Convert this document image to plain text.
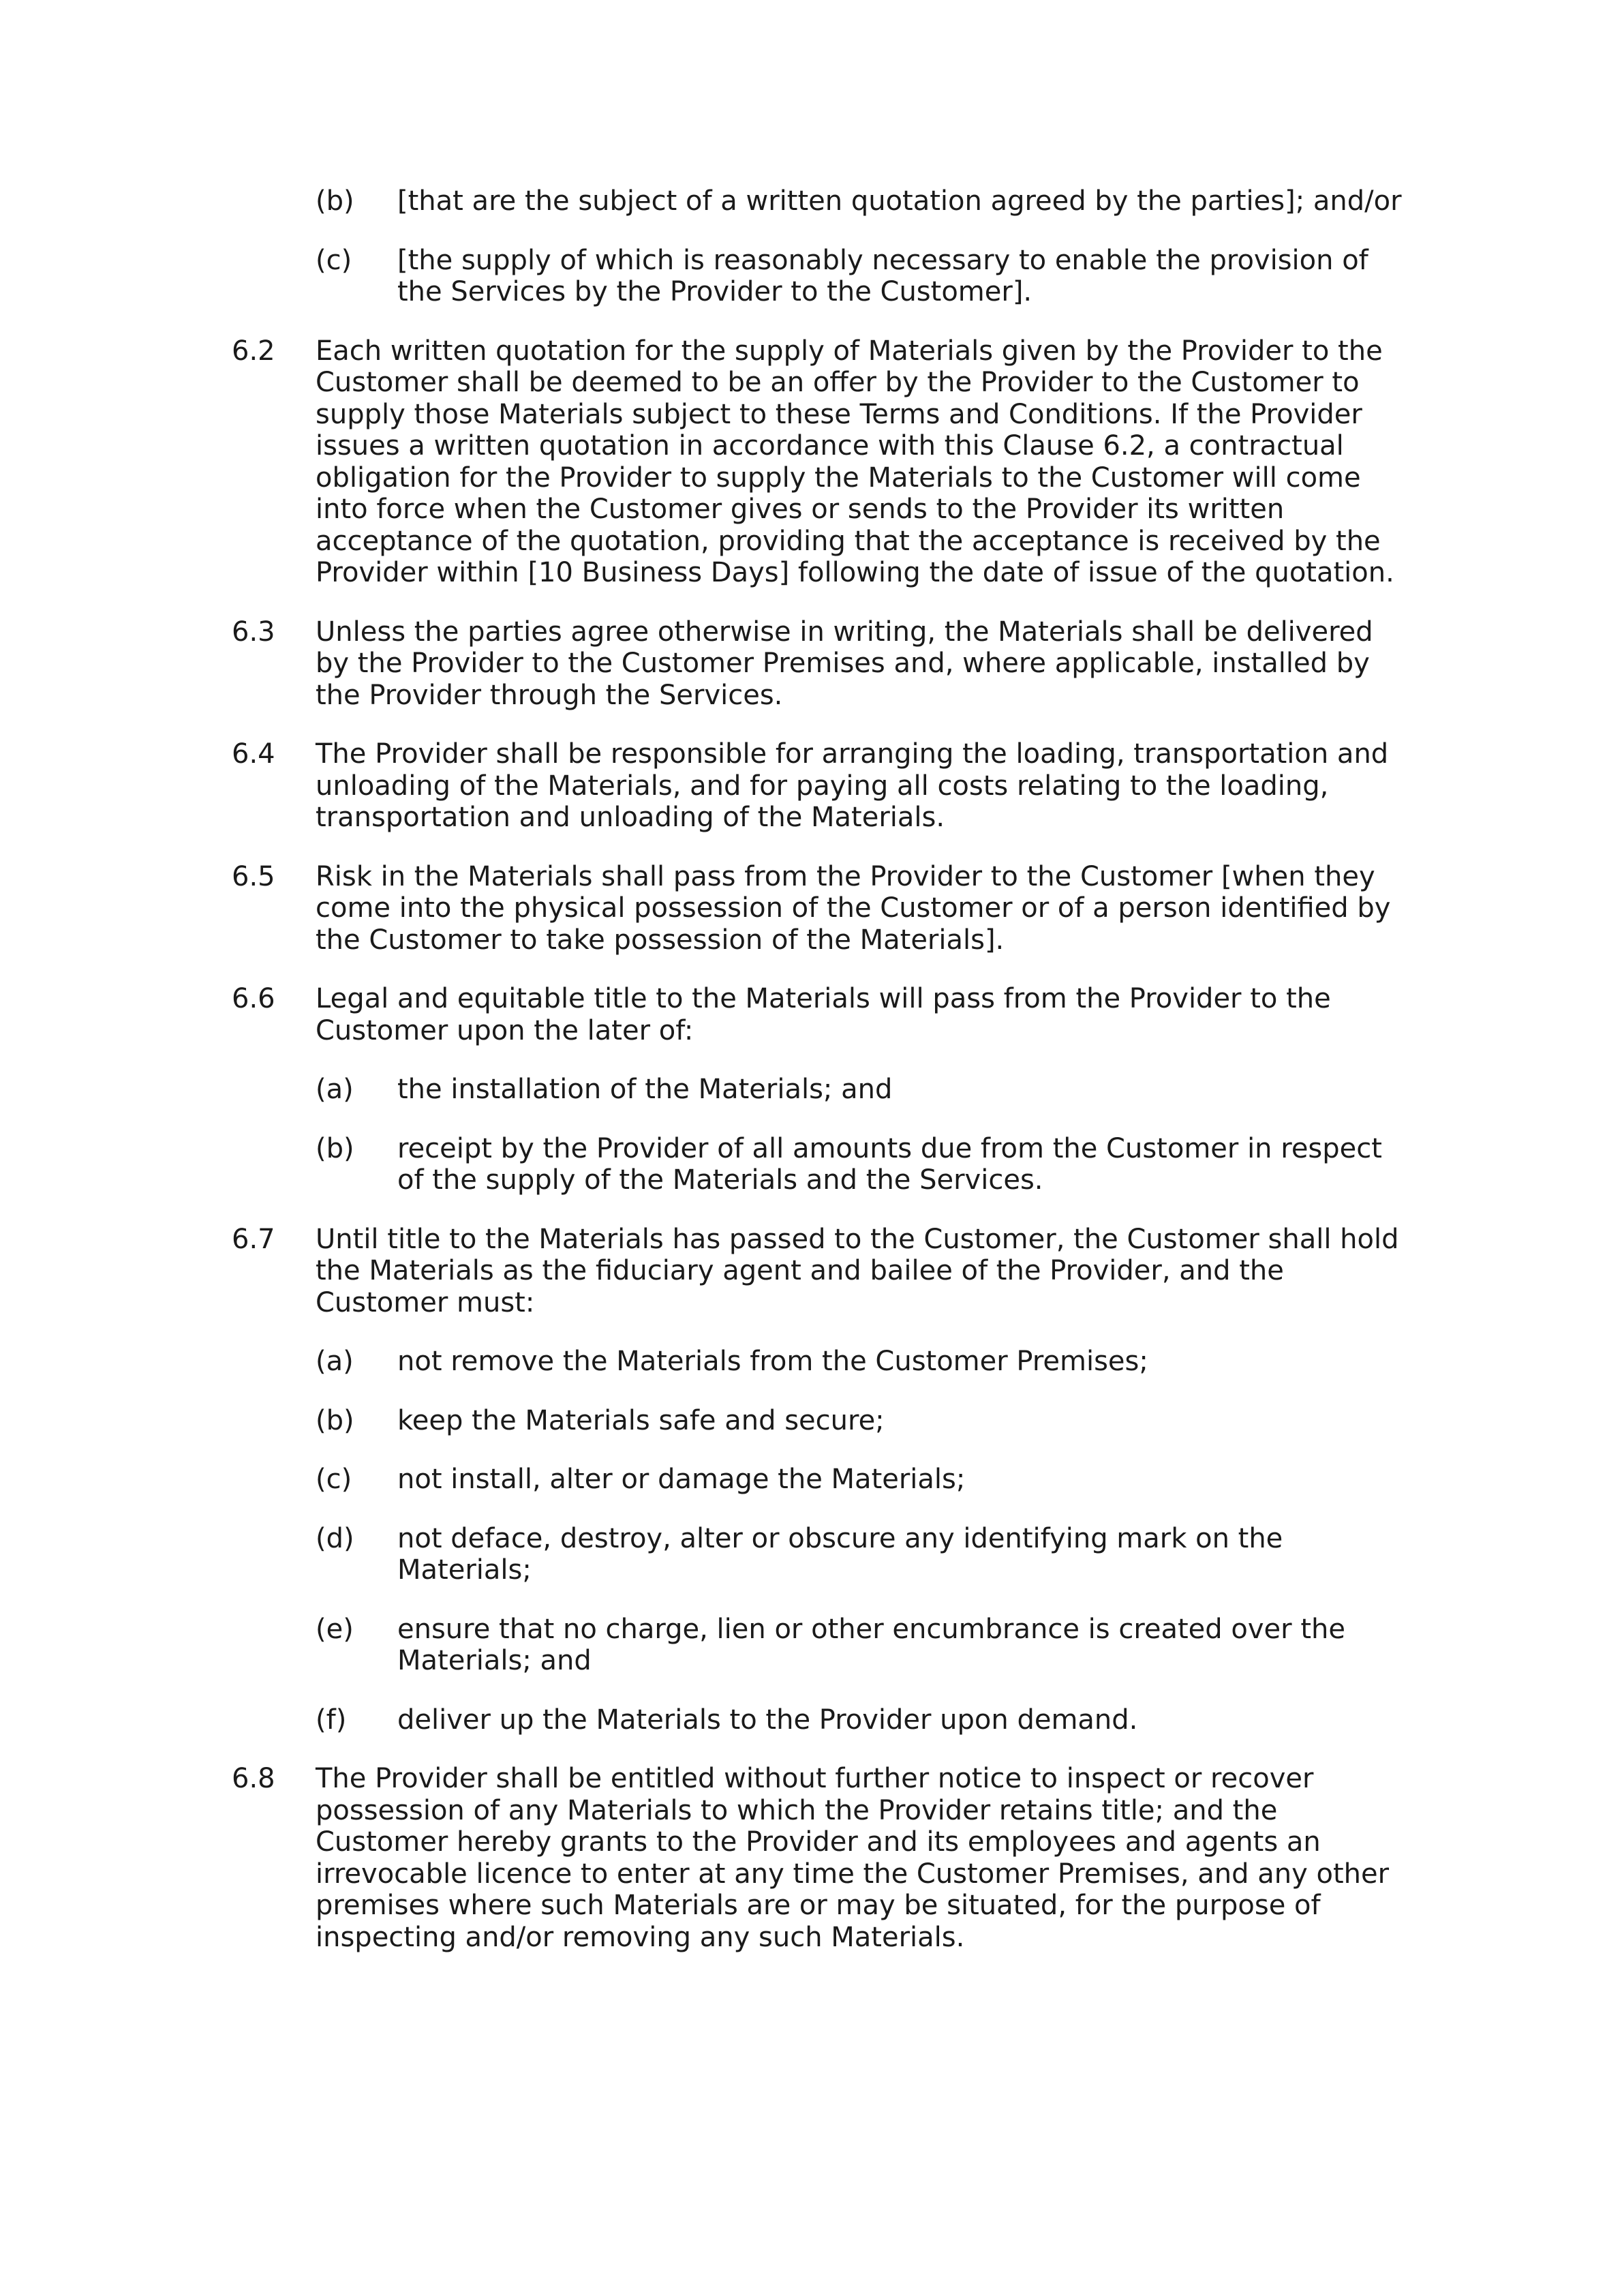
(b) [that are the subject of a written quotation agreed by the parties]; and/or
(c) [the supply of which is reasonably necessary to enable the provision of the Services by the Provider to the Customer].
6.2 Each written quotation for the supply of Materials given by the Provider to the Customer shall be deemed to be an offer by the Provider to the Customer to supply those Materials subject to these Terms and Conditions. If the Provider issues a written quotation in accordance with this Clause 6.2, a contractual obligation for the Provider to supply the Materials to the Customer will come into force when the Customer gives or sends to the Provider its written acceptance of the quotation, providing that the acceptance is received by the Provider within [10 Business Days] following the date of issue of the quotation.
6.3 Unless the parties agree otherwise in writing, the Materials shall be delivered by the Provider to the Customer Premises and, where applicable, installed by the Provider through the Services.
6.4 The Provider shall be responsible for arranging the loading, transportation and unloading of the Materials, and for paying all costs relating to the loading, transportation and unloading of the Materials.
6.5 Risk in the Materials shall pass from the Provider to the Customer [when they come into the physical possession of the Customer or of a person identified by the Customer to take possession of the Materials].
6.6 Legal and equitable title to the Materials will pass from the Provider to the Customer upon the later of:
(a) the installation of the Materials; and
(b) receipt by the Provider of all amounts due from the Customer in respect of the supply of the Materials and the Services.
6.7 Until title to the Materials has passed to the Customer, the Customer shall hold the Materials as the fiduciary agent and bailee of the Provider, and the Customer must:
(a) not remove the Materials from the Customer Premises;
(b) keep the Materials safe and secure;
(c) not install, alter or damage the Materials;
(d) not deface, destroy, alter or obscure any identifying mark on the Materials;
(e) ensure that no charge, lien or other encumbrance is created over the Materials; and
(f) deliver up the Materials to the Provider upon demand.
6.8 The Provider shall be entitled without further notice to inspect or recover possession of any Materials to which the Provider retains title; and the Customer hereby grants to the Provider and its employees and agents an irrevocable licence to enter at any time the Customer Premises, and any other premises where such Materials are or may be situated, for the purpose of inspecting and/or removing any such Materials.
